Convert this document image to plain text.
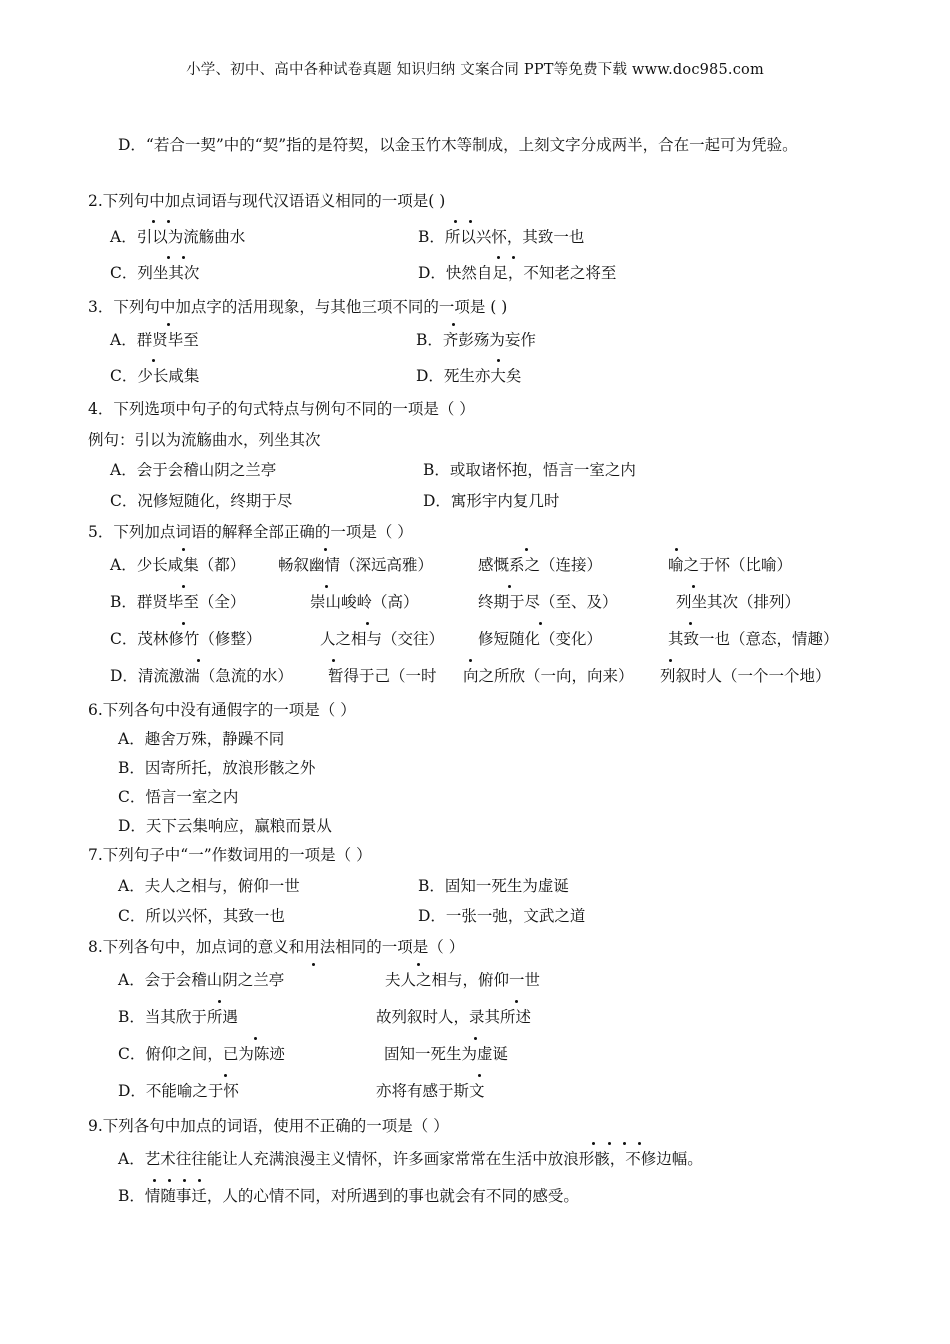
小学、初中、高中各种试卷真题 知识归纳 文案合同 PPT等免费下载 www.doc985.com
D．“若合一契”中的“契”指的是符契，以金玉竹木等制成，上刻文字分成两半，合在一起可为凭验。
2.下列句中加点词语与现代汉语语义相同的一项是( )
A．引以为流觞曲水	B．所以兴怀，其致一也
C．列坐其次	D．快然自足，不知老之将至
3．下列句中加点字的活用现象，与其他三项不同的一项是 ( )
A．群贤毕至	B．齐彭殇为妄作
C．少长咸集	D．死生亦大矣
4．下列选项中句子的句式特点与例句不同的一项是（ ）
例句：引以为流觞曲水，列坐其次
A．会于会稽山阴之兰亭	B．或取诸怀抱，悟言一室之内
C．况修短随化，终期于尽	D．寓形宇内复几时
5．下列加点词语的解释全部正确的一项是（ ）
A．少长咸集（都） 畅叙幽情（深远高雅）	感慨系之（连接）	喻之于怀（比喻）
B．群贤毕至（全）	崇山峻岭（高）	终期于尽（至、及）	列坐其次（排列）
C．茂林修竹（修整）	人之相与（交往） 修短随化（变化）	其致一也（意态，情趣）
D．清流激湍（急流的水） 暂得于己（一时 向之所欣（一向，向来） 列叙时人（一个一个地）
6.下列各句中没有通假字的一项是（ ）
A．趣舍万殊，静躁不同
B．因寄所托，放浪形骸之外
C．悟言一室之内
D．天下云集响应，赢粮而景从
7.下列句子中“一”作数词用的一项是（ ）
A．夫人之相与，俯仰一世	B．固知一死生为虚诞
C．所以兴怀，其致一也	D．一张一弛，文武之道
8.下列各句中，加点词的意义和用法相同的一项是（ ）
A．会于会稽山阴之兰亭	夫人之相与，俯仰一世
B．当其欣于所遇	故列叙时人，录其所述
C．俯仰之间，已为陈迹	固知一死生为虚诞
D．不能喻之于怀	亦将有感于斯文
9.下列各句中加点的词语，使用不正确的一项是（ ）
A．艺术往往能让人充满浪漫主义情怀，许多画家常常在生活中放浪形骸，不修边幅。
B．情随事迁，人的心情不同，对所遇到的事也就会有不同的感受。
